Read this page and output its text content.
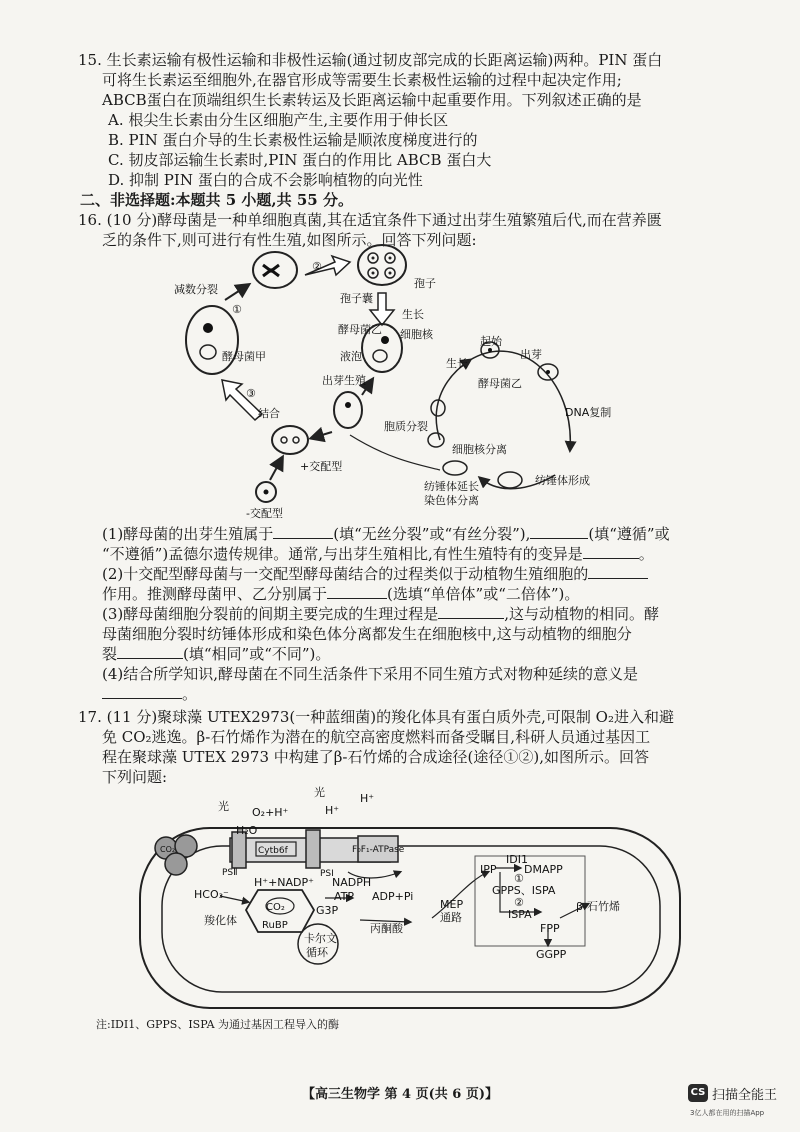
15. 生长素运输有极性运输和非极性运输(通过韧皮部完成的长距离运输)两种。PIN 蛋白
可将生长素运至细胞外,在器官形成等需要生长素极性运输的过程中起决定作用;
ABCB蛋白在顶端组织生长素转运及长距离运输中起重要作用。下列叙述正确的是
A. 根尖生长素由分生区细胞产生,主要作用于伸长区
B. PIN 蛋白介导的生长素极性运输是顺浓度梯度进行的
C. 韧皮部运输生长素时,PIN 蛋白的作用比 ABCB 蛋白大
D. 抑制 PIN 蛋白的合成不会影响植物的向光性
二、非选择题:本题共 5 小题,共 55 分。
16. (10 分)酵母菌是一种单细胞真菌,其在适宜条件下通过出芽生殖繁殖后代,而在营养匮
乏的条件下,则可进行有性生殖,如图所示。回答下列问题:
减数分裂
①
②
③
孢子囊
孢子
生长
酵母菌甲
酵母菌乙 细胞核
液泡
起始
生长
出芽
酵母菌乙
出芽生殖
DNA复制
结合
胞质分裂
细胞核分离
+交配型
-交配型
纺锤体延长
染色体分离
纺锤体形成
(1)酵母菌的出芽生殖属于	(填“无丝分裂”或“有丝分裂”),	(填“遵循”或
“不遵循”)孟德尔遗传规律。通常,与出芽生殖相比,有性生殖特有的变异是	。
(2)十交配型酵母菌与一交配型酵母菌结合的过程类似于动植物生殖细胞的
作用。推测酵母菌甲、乙分别属于	(选填“单倍体”或“二倍体”)。
(3)酵母菌细胞分裂前的间期主要完成的生理过程是	,这与动植物的相同。酵
母菌细胞分裂时纺锤体形成和染色体分离都发生在细胞核中,这与动植物的细胞分
裂	(填“相同”或“不同”)。
(4)结合所学知识,酵母菌在不同生活条件下采用不同生殖方式对物种延续的意义是
。
17. (11 分)聚球藻 UTEX2973(一种蓝细菌)的羧化体具有蛋白质外壳,可限制 O₂进入和避
免 CO₂逃逸。β-石竹烯作为潜在的航空高密度燃料而备受瞩目,科研人员通过基因工
程在聚球藻 UTEX 2973 中构建了β-石竹烯的合成途径(途径①②),如图所示。回答
下列问题:
光
光
O₂+H⁺
H₂O
H⁺
H⁺
PSⅡ
Cytb6f
PSⅠ
F₀F₁-ATPase
CO₂
HCO₃⁻
H⁺+NADP⁺ NADPH
ATP ADP+Pi
羧化体	RuBP
CO₂	G3P
卡尔文
循环
丙酮酸
MEP
通路
IPP
IDI1
DMAPP
①
GPPS、ISPA
②
ISPA
FPP
GGPP
β-石竹烯
注:IDI1、GPPS、ISPA 为通过基因工程导入的酶
【高三生物学 第 4 页(共 6 页)】	CS 扫描全能王
3亿人都在用的扫描App
